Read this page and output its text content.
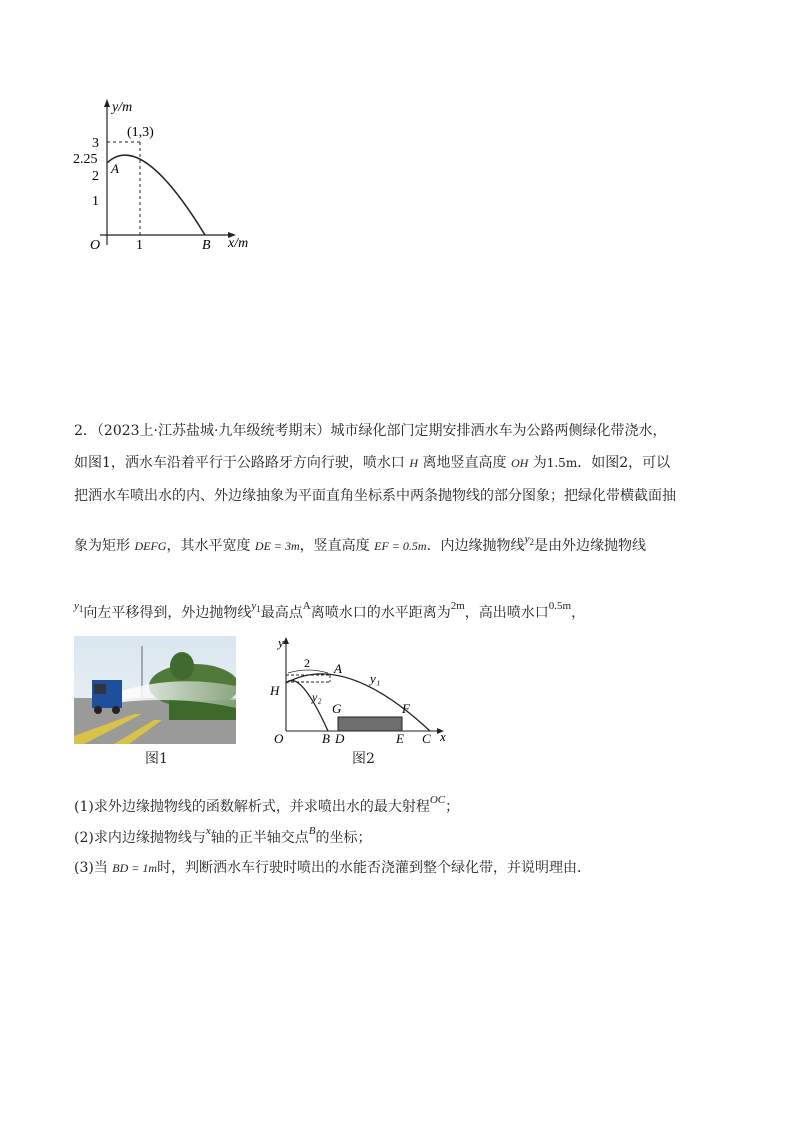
y/m
x/m
O
(1,3)
A
B
3
2.25
2
1
1
2．（2023上·江苏盐城·九年级统考期末）城市绿化部门定期安排洒水车为公路两侧绿化带浇水，
如图1，洒水车沿着平行于公路路牙方向行驶，喷水口 H 离地竖直高度 OH 为1.5m．如图2，可以
把洒水车喷出水的内、外边缘抽象为平面直角坐标系中两条抛物线的部分图象；把绿化带横截面抽
象为矩形 DEFG，其水平宽度 DE = 3m，竖直高度 EF = 0.5m．内边缘抛物线$^{y_2}$是由外边缘抛物线
$^{y_1}$向左平移得到，外边抛物线$^{y_1}$最高点$^A$离喷水口的水平距离为$^{2m}$，高出喷水口$^{0.5m}$，
图1
y
x
O
H
2 A
y₁
y₂
G	F
B D	E C
图2
(1)求外边缘抛物线的函数解析式，并求喷出水的最大射程$^{OC}$；
(2)求内边缘抛物线与$^x$轴的正半轴交点$^B$的坐标；
(3)当 BD = 1m时，判断洒水车行驶时喷出的水能否浇灌到整个绿化带，并说明理由．
